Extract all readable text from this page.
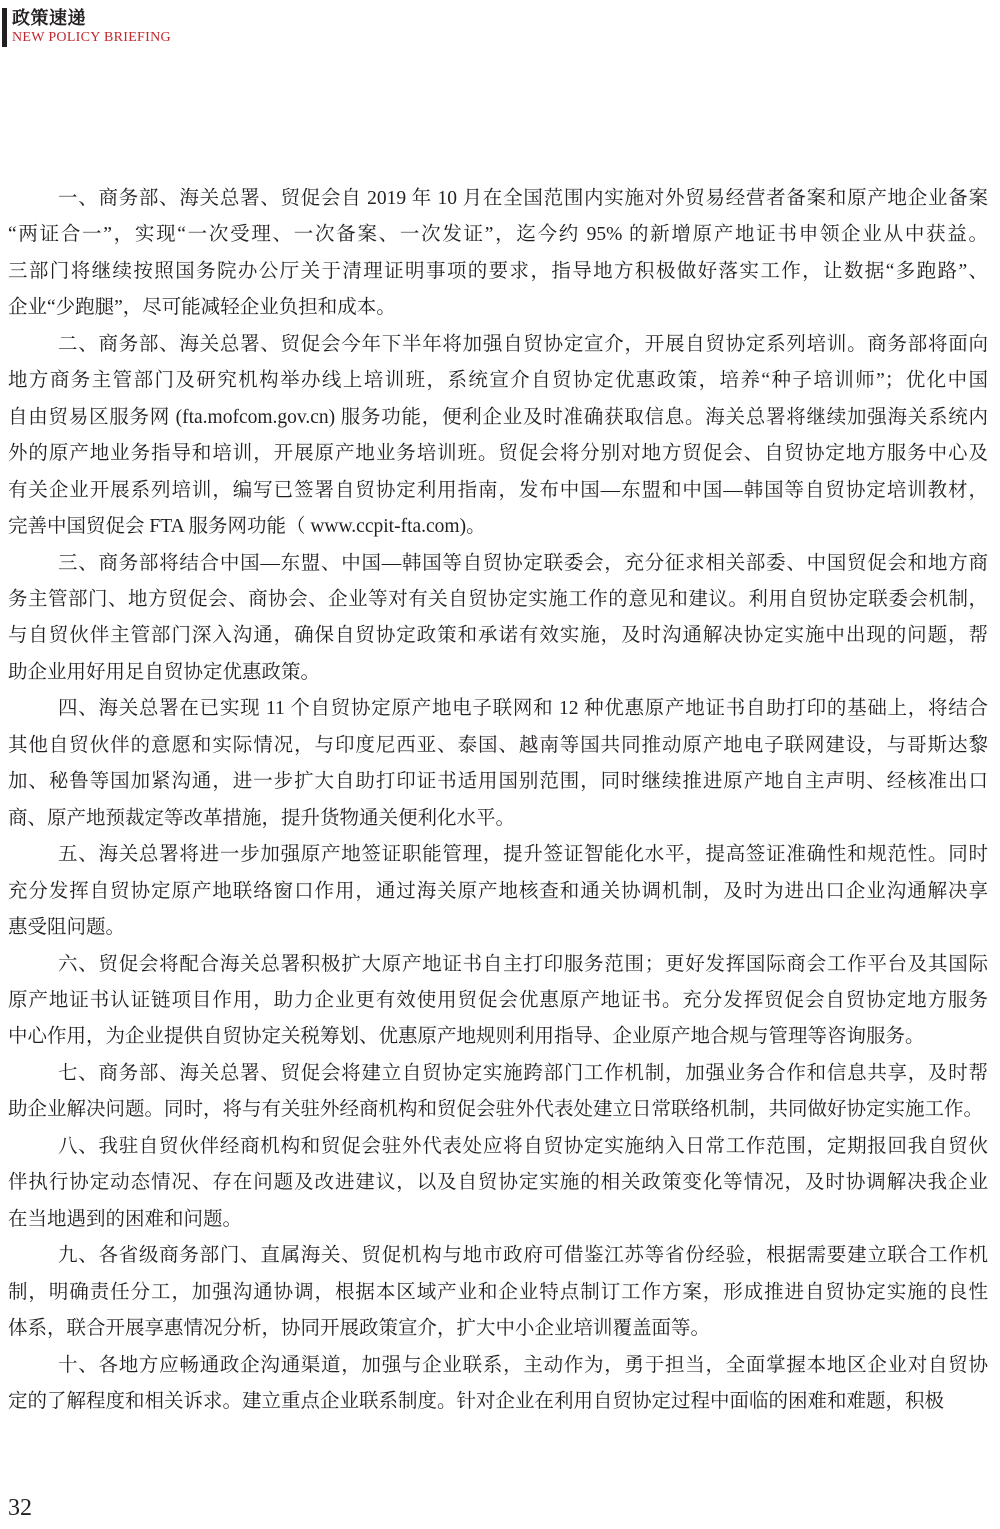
政策速递
NEW POLICY BRIEFING
一、商务部、海关总署、贸促会自 2019 年 10 月在全国范围内实施对外贸易经营者备案和原产地企业备案
“两证合一”，实现“一次受理、一次备案、一次发证”，迄今约 95% 的新增原产地证书申领企业从中获益。
三部门将继续按照国务院办公厅关于清理证明事项的要求，指导地方积极做好落实工作，让数据“多跑路”、
企业“少跑腿”，尽可能减轻企业负担和成本。
二、商务部、海关总署、贸促会今年下半年将加强自贸协定宣介，开展自贸协定系列培训。商务部将面向
地方商务主管部门及研究机构举办线上培训班，系统宣介自贸协定优惠政策，培养“种子培训师”；优化中国
自由贸易区服务网 (fta.mofcom.gov.cn) 服务功能，便利企业及时准确获取信息。海关总署将继续加强海关系统内
外的原产地业务指导和培训，开展原产地业务培训班。贸促会将分别对地方贸促会、自贸协定地方服务中心及
有关企业开展系列培训，编写已签署自贸协定利用指南，发布中国—东盟和中国—韩国等自贸协定培训教材，
完善中国贸促会 FTA 服务网功能（ www.ccpit-fta.com)。
三、商务部将结合中国—东盟、中国—韩国等自贸协定联委会，充分征求相关部委、中国贸促会和地方商
务主管部门、地方贸促会、商协会、企业等对有关自贸协定实施工作的意见和建议。利用自贸协定联委会机制，
与自贸伙伴主管部门深入沟通，确保自贸协定政策和承诺有效实施，及时沟通解决协定实施中出现的问题，帮
助企业用好用足自贸协定优惠政策。
四、海关总署在已实现 11 个自贸协定原产地电子联网和 12 种优惠原产地证书自助打印的基础上，将结合
其他自贸伙伴的意愿和实际情况，与印度尼西亚、泰国、越南等国共同推动原产地电子联网建设，与哥斯达黎
加、秘鲁等国加紧沟通，进一步扩大自助打印证书适用国别范围，同时继续推进原产地自主声明、经核准出口
商、原产地预裁定等改革措施，提升货物通关便利化水平。
五、海关总署将进一步加强原产地签证职能管理，提升签证智能化水平，提高签证准确性和规范性。同时
充分发挥自贸协定原产地联络窗口作用，通过海关原产地核查和通关协调机制，及时为进出口企业沟通解决享
惠受阻问题。
六、贸促会将配合海关总署积极扩大原产地证书自主打印服务范围；更好发挥国际商会工作平台及其国际
原产地证书认证链项目作用，助力企业更有效使用贸促会优惠原产地证书。充分发挥贸促会自贸协定地方服务
中心作用，为企业提供自贸协定关税筹划、优惠原产地规则利用指导、企业原产地合规与管理等咨询服务。
七、商务部、海关总署、贸促会将建立自贸协定实施跨部门工作机制，加强业务合作和信息共享，及时帮
助企业解决问题。同时，将与有关驻外经商机构和贸促会驻外代表处建立日常联络机制，共同做好协定实施工作。
八、我驻自贸伙伴经商机构和贸促会驻外代表处应将自贸协定实施纳入日常工作范围，定期报回我自贸伙
伴执行协定动态情况、存在问题及改进建议，以及自贸协定实施的相关政策变化等情况，及时协调解决我企业
在当地遇到的困难和问题。
九、各省级商务部门、直属海关、贸促机构与地市政府可借鉴江苏等省份经验，根据需要建立联合工作机
制，明确责任分工，加强沟通协调，根据本区域产业和企业特点制订工作方案，形成推进自贸协定实施的良性
体系，联合开展享惠情况分析，协同开展政策宣介，扩大中小企业培训覆盖面等。
十、各地方应畅通政企沟通渠道，加强与企业联系，主动作为，勇于担当，全面掌握本地区企业对自贸协
定的了解程度和相关诉求。建立重点企业联系制度。针对企业在利用自贸协定过程中面临的困难和难题，积极
32
